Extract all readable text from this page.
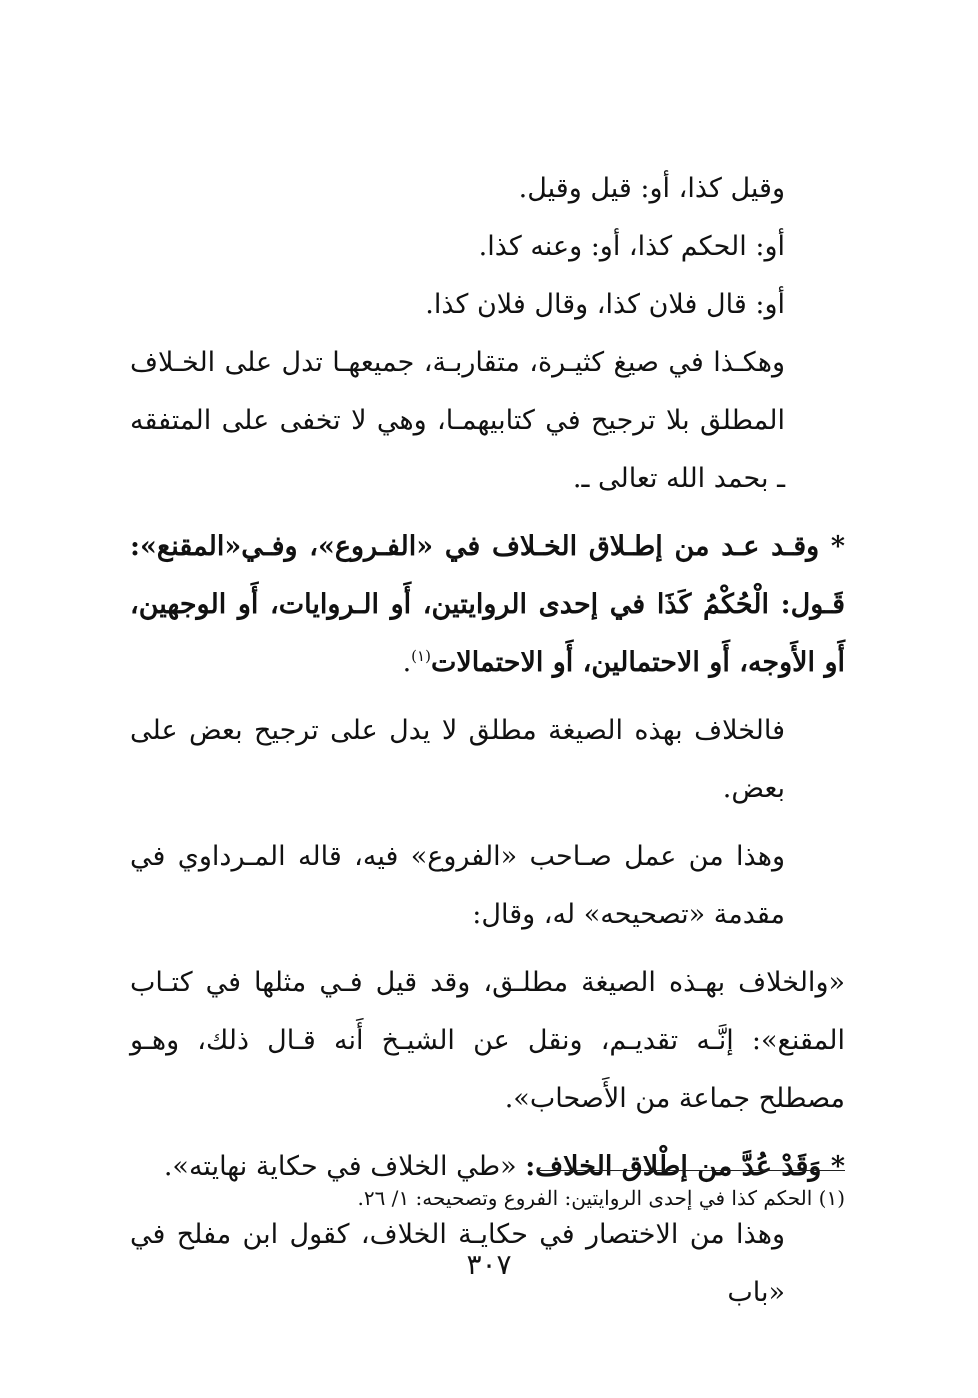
وقيل كذا، أو: قيل وقيل.

أو: الحكم كذا، أو: وعنه كذا.

أو: قال فلان كذا، وقال فلان كذا.

وهكـذا في صيغ كثيـرة، متقاربـة، جميعهـا تدل على الخـلاف المطلق بلا ترجيح في كتابيهمـا، وهي لا تخفى على المتفقه ـ بحمد الله تعالى ـ.

* وقـد عـد من إطـلاق الخـلاف في «الفـروع»، وفـي«المقنع»: قَـول: الْحُكْمُ كَذَا في إحدى الروايتين، أَو الـروايات، أَو الوجهين، أَو الأَوجه، أَو الاحتمالين، أَو الاحتمالات$^{(١)}$.

فالخلاف بهذه الصيغة مطلق لا يدل على ترجيح بعض على بعض.

وهذا من عمل صـاحب «الفروع» فيه، قاله المـرداوي في مقدمة «تصحيحه» له، وقال:

«والخلاف بهـذه الصيغة مطلـق، وقد قيل فـي مثلها في كتـاب المقنع»: إنَّـه تقديـم، ونقل عن الشيـخ أَنه قـال ذلك، وهـو مصطلح جماعة من الأَصحاب».

* وَقَدْ عُدَّ من إطْلاق الخلاف: «طي الخلاف في حكاية نهايته».

وهذا من الاختصار في حكايـة الخلاف، كقول ابن مفلح في «باب

(١) الحكم كذا في إحدى الروايتين: الفروع وتصحيحه: ١/ ٢٦.
٣٠٧
